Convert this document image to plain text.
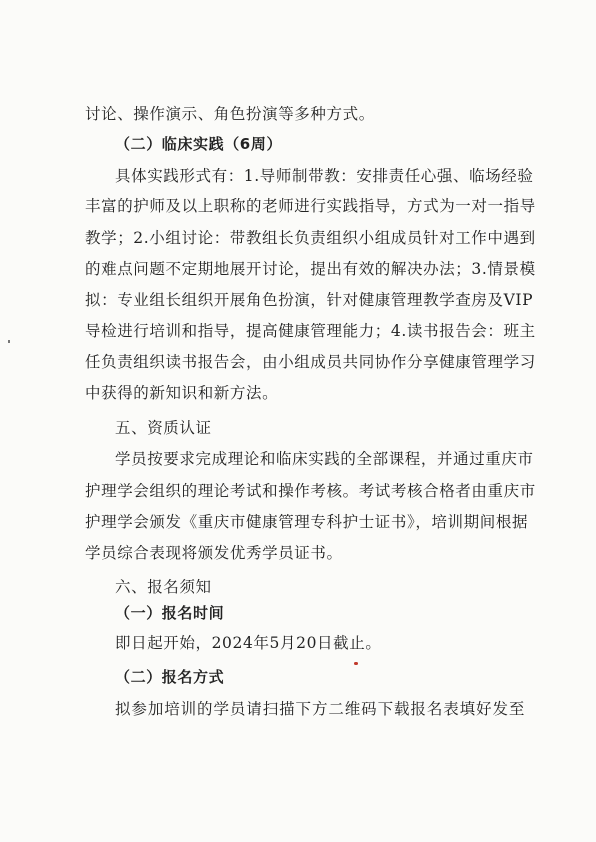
讨论、操作演示、角色扮演等多种方式。
（二）临床实践（6周）
具体实践形式有：1.导师制带教：安排责任心强、临场经验
丰富的护师及以上职称的老师进行实践指导，方式为一对一指导
教学；2.小组讨论：带教组长负责组织小组成员针对工作中遇到
的难点问题不定期地展开讨论，提出有效的解决办法；3.情景模
拟：专业组长组织开展角色扮演，针对健康管理教学查房及VIP
导检进行培训和指导，提高健康管理能力；4.读书报告会：班主
任负责组织读书报告会，由小组成员共同协作分享健康管理学习
中获得的新知识和新方法。
五、资质认证
学员按要求完成理论和临床实践的全部课程，并通过重庆市
护理学会组织的理论考试和操作考核。考试考核合格者由重庆市
护理学会颁发《重庆市健康管理专科护士证书》，培训期间根据
学员综合表现将颁发优秀学员证书。
六、报名须知
（一）报名时间
即日起开始，2024年5月20日截止。
（二）报名方式
拟参加培训的学员请扫描下方二维码下载报名表填好发至
